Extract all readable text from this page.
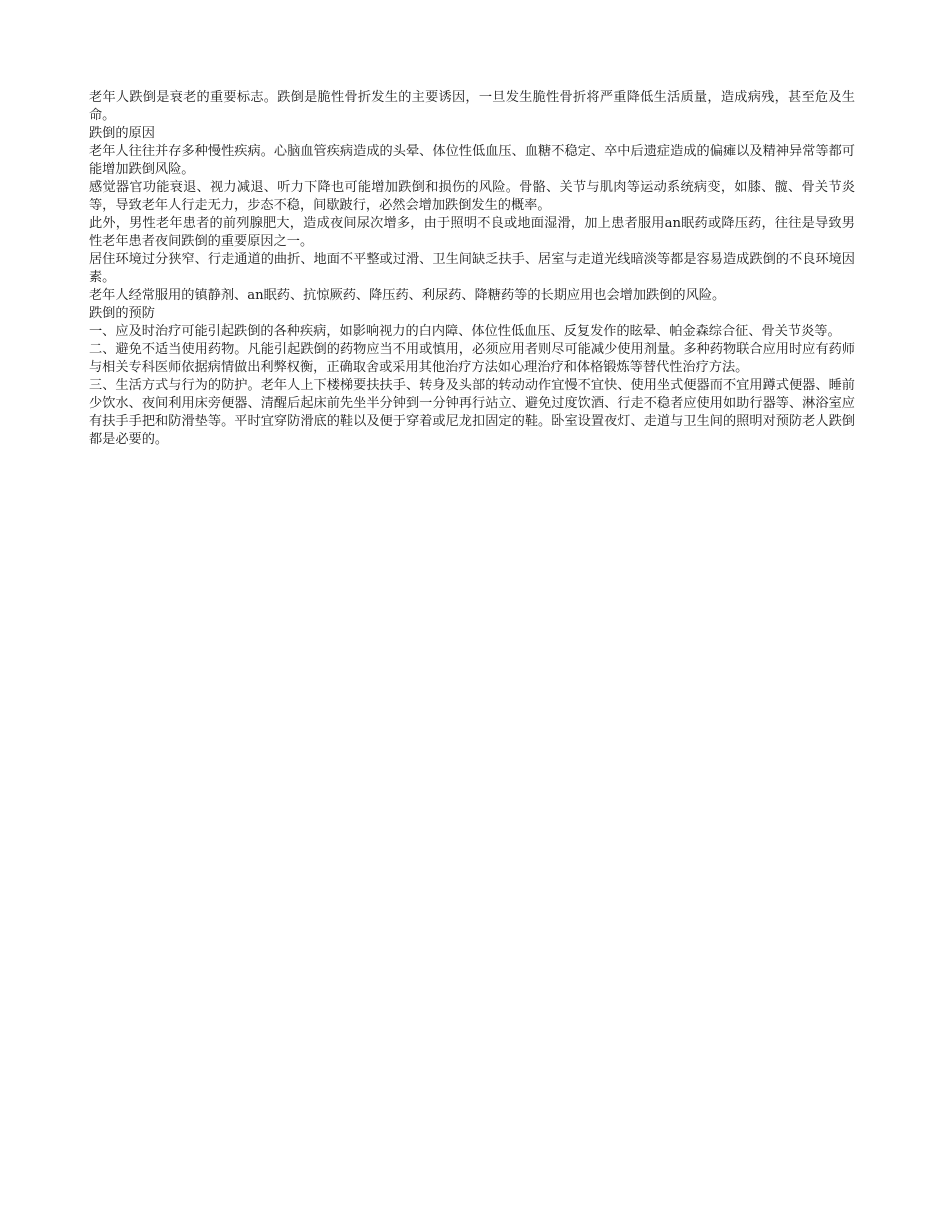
老年人跌倒是衰老的重要标志。跌倒是脆性骨折发生的主要诱因，一旦发生脆性骨折将严重降低生活质量，造成病残，甚至危及生命。

跌倒的原因

老年人往往并存多种慢性疾病。心脑血管疾病造成的头晕、体位性低血压、血糖不稳定、卒中后遗症造成的偏瘫以及精神异常等都可能增加跌倒风险。

感觉器官功能衰退、视力减退、听力下降也可能增加跌倒和损伤的风险。骨骼、关节与肌肉等运动系统病变，如膝、髋、骨关节炎等，导致老年人行走无力，步态不稳，间歇跛行，必然会增加跌倒发生的概率。

此外，男性老年患者的前列腺肥大，造成夜间尿次增多，由于照明不良或地面湿滑，加上患者服用an眠药或降压药，往往是导致男性老年患者夜间跌倒的重要原因之一。

居住环境过分狭窄、行走通道的曲折、地面不平整或过滑、卫生间缺乏扶手、居室与走道光线暗淡等都是容易造成跌倒的不良环境因素。

老年人经常服用的镇静剂、an眠药、抗惊厥药、降压药、利尿药、降糖药等的长期应用也会增加跌倒的风险。

跌倒的预防

一、应及时治疗可能引起跌倒的各种疾病，如影响视力的白内障、体位性低血压、反复发作的眩晕、帕金森综合征、骨关节炎等。

二、避免不适当使用药物。凡能引起跌倒的药物应当不用或慎用，必须应用者则尽可能减少使用剂量。多种药物联合应用时应有药师与相关专科医师依据病情做出利弊权衡，正确取舍或采用其他治疗方法如心理治疗和体格锻炼等替代性治疗方法。

三、生活方式与行为的防护。老年人上下楼梯要扶扶手、转身及头部的转动动作宜慢不宜快、使用坐式便器而不宜用蹲式便器、睡前少饮水、夜间利用床旁便器、清醒后起床前先坐半分钟到一分钟再行站立、避免过度饮酒、行走不稳者应使用如助行器等、淋浴室应有扶手手把和防滑垫等。平时宜穿防滑底的鞋以及便于穿着或尼龙扣固定的鞋。卧室设置夜灯、走道与卫生间的照明对预防老人跌倒都是必要的。
